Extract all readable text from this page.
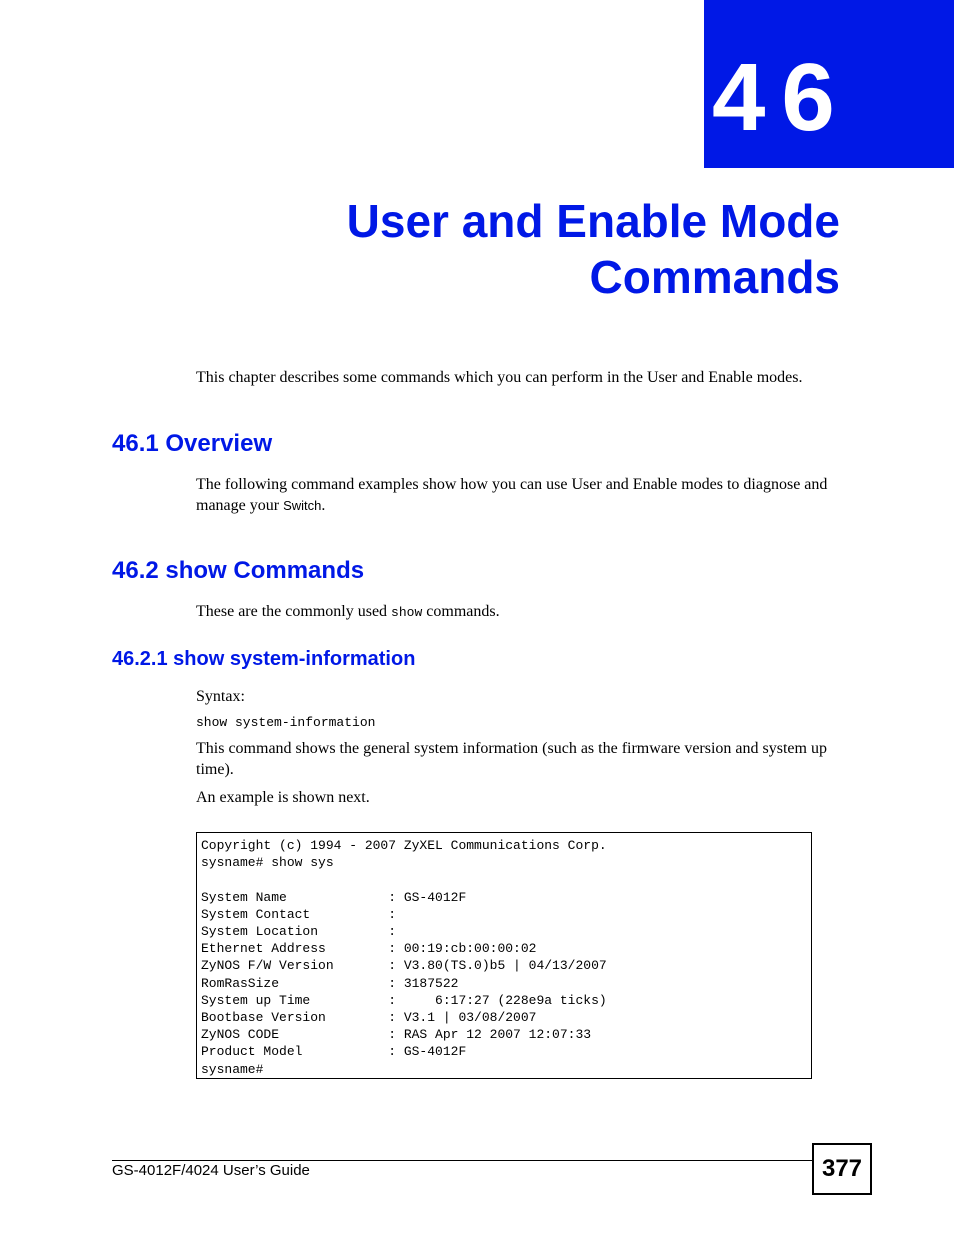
46
User and Enable Mode
Commands
This chapter describes some commands which you can perform in the User and Enable modes.
46.1 Overview
The following command examples show how you can use User and Enable modes to diagnose and manage your Switch.
46.2 show Commands
These are the commonly used show commands.
46.2.1 show system-information
Syntax:
show system-information
This command shows the general system information (such as the firmware version and system up time).
An example is shown next.
Copyright (c) 1994 - 2007 ZyXEL Communications Corp.
sysname# show sys

System Name             : GS-4012F
System Contact          :
System Location         :
Ethernet Address        : 00:19:cb:00:00:02
ZyNOS F/W Version       : V3.80(TS.0)b5 | 04/13/2007
RomRasSize              : 3187522
System up Time          :     6:17:27 (228e9a ticks)
Bootbase Version        : V3.1 | 03/08/2007
ZyNOS CODE              : RAS Apr 12 2007 12:07:33
Product Model           : GS-4012F
sysname#
GS-4012F/4024 User’s Guide	377
